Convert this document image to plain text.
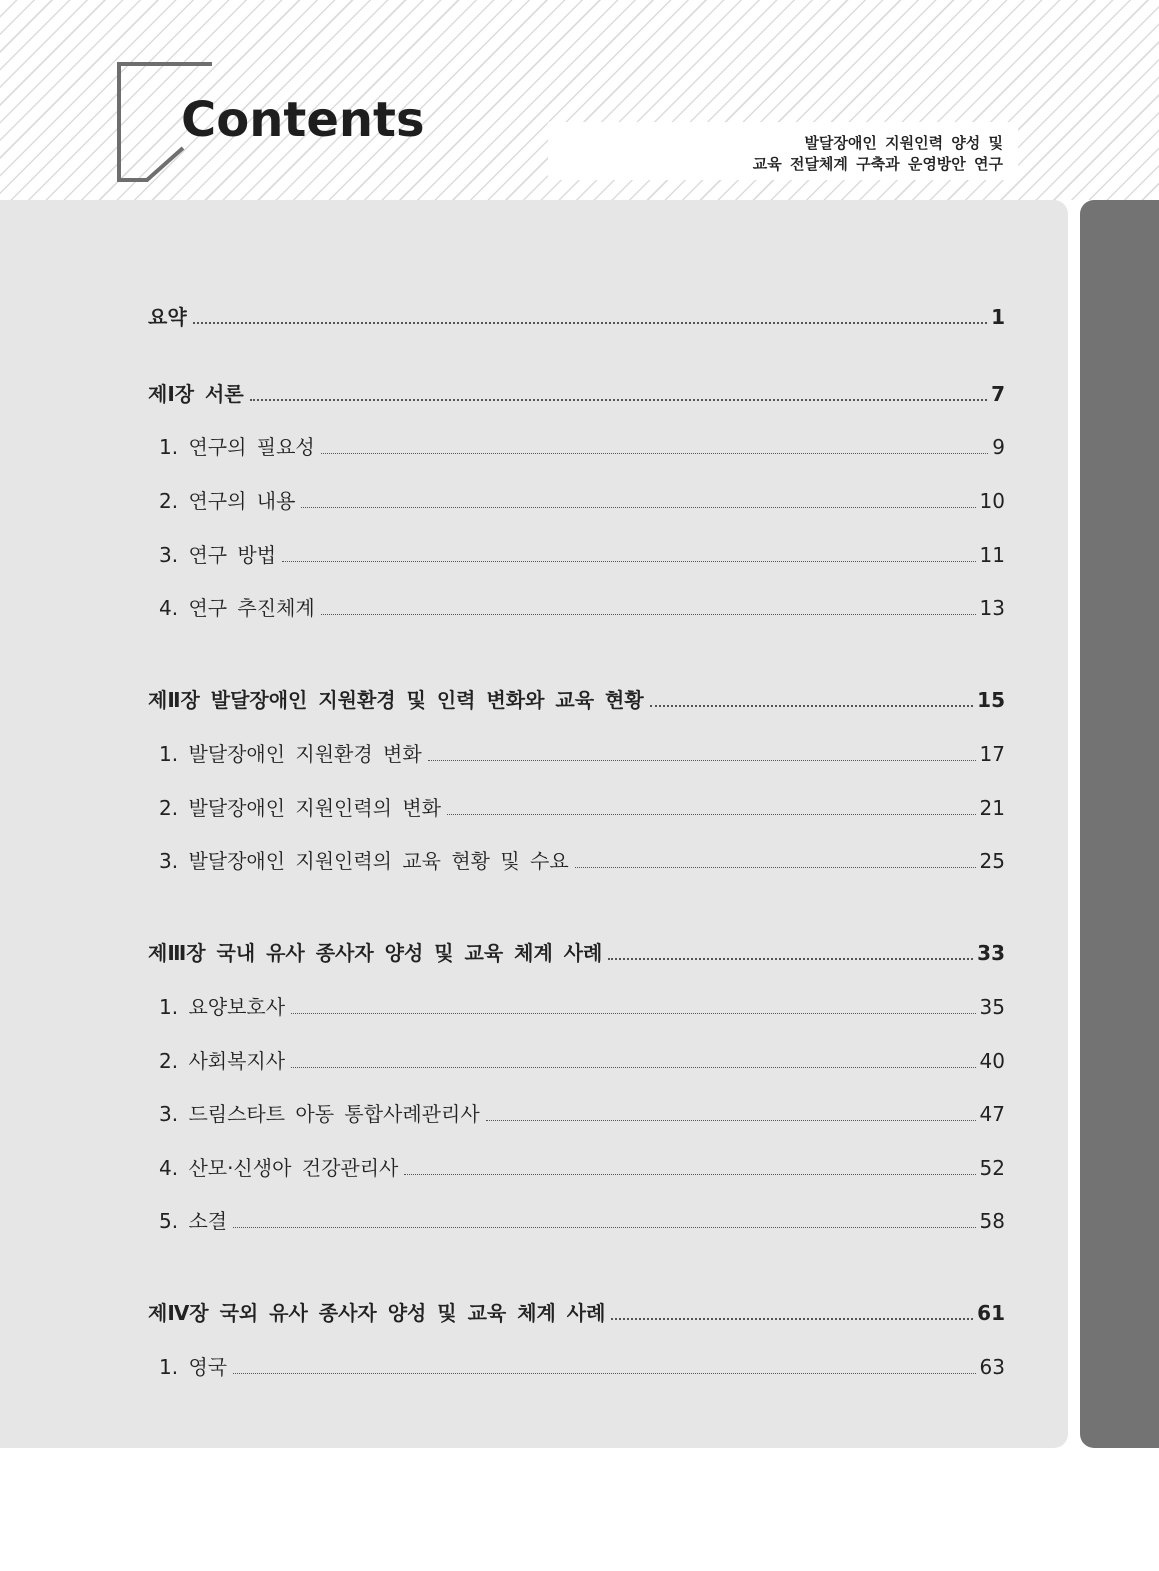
Contents	발달장애인 지원인력 양성 및
교육 전달체계 구축과 운영방안 연구
요약	1
제Ⅰ장 서론	7
1. 연구의 필요성	9
2. 연구의 내용	10
3. 연구 방법	11
4. 연구 추진체계	13
제Ⅱ장 발달장애인 지원환경 및 인력 변화와 교육 현황	15
1. 발달장애인 지원환경 변화	17
2. 발달장애인 지원인력의 변화	21
3. 발달장애인 지원인력의 교육 현황 및 수요	25
제Ⅲ장 국내 유사 종사자 양성 및 교육 체계 사례	33
1. 요양보호사	35
2. 사회복지사	40
3. 드림스타트 아동 통합사례관리사	47
4. 산모·신생아 건강관리사	52
5. 소결	58
제Ⅳ장 국외 유사 종사자 양성 및 교육 체계 사례	61
1. 영국	63
